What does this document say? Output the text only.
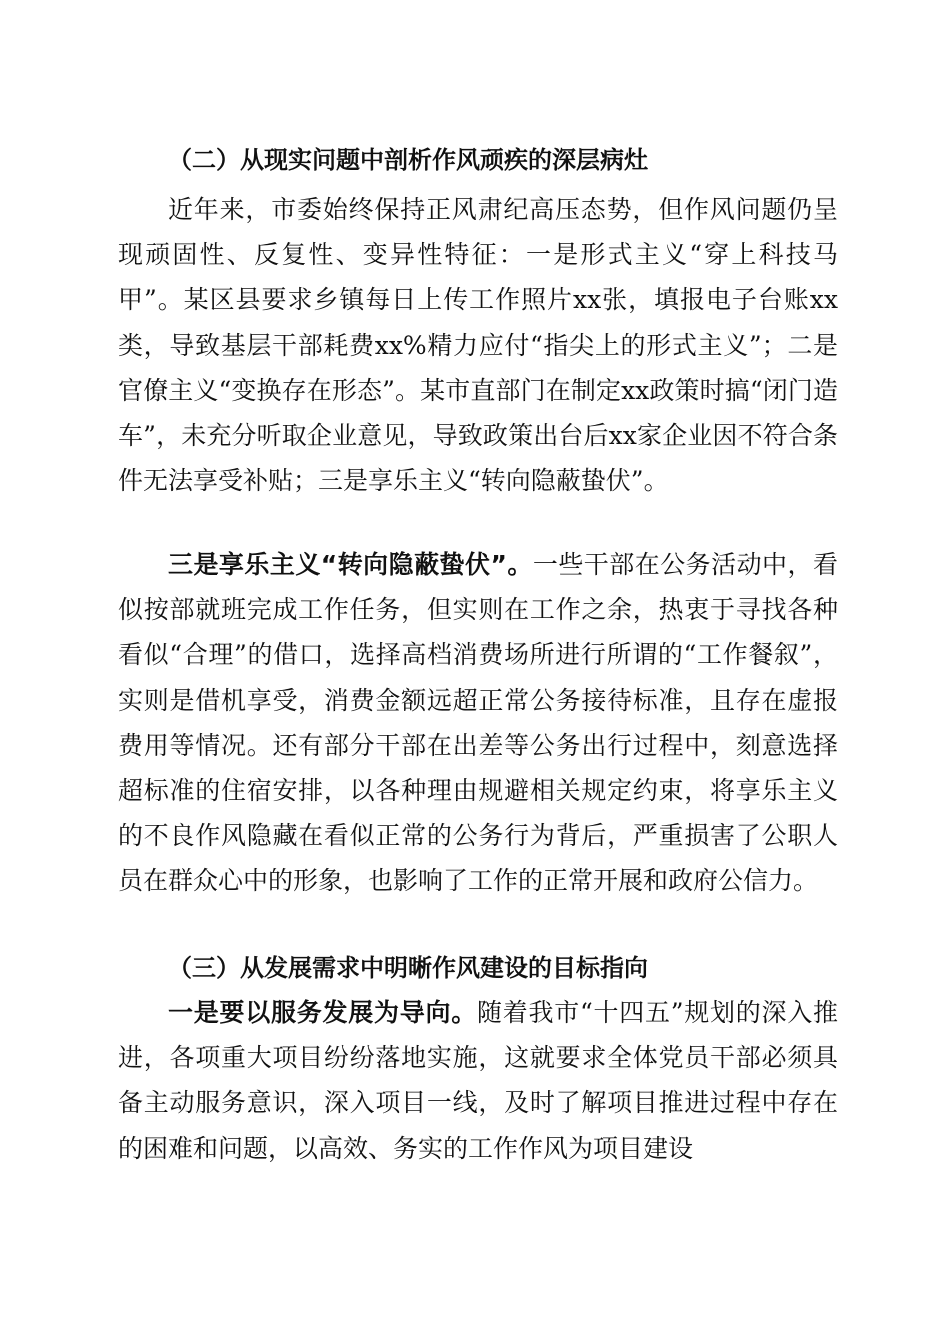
（二）从现实问题中剖析作风顽疾的深层病灶
近年来，市委始终保持正风肃纪高压态势，但作风问题仍呈现顽固性、反复性、变异性特征：一是形式主义“穿上科技马甲”。某区县要求乡镇每日上传工作照片xx张，填报电子台账xx类，导致基层干部耗费xx%精力应付“指尖上的形式主义”；二是官僚主义“变换存在形态”。某市直部门在制定xx政策时搞“闭门造车”，未充分听取企业意见，导致政策出台后xx家企业因不符合条件无法享受补贴；三是享乐主义“转向隐蔽蛰伏”。
三是享乐主义“转向隐蔽蛰伏”。一些干部在公务活动中，看似按部就班完成工作任务，但实则在工作之余，热衷于寻找各种看似“合理”的借口，选择高档消费场所进行所谓的“工作餐叙”，实则是借机享受，消费金额远超正常公务接待标准，且存在虚报费用等情况。还有部分干部在出差等公务出行过程中，刻意选择超标准的住宿安排，以各种理由规避相关规定约束，将享乐主义的不良作风隐藏在看似正常的公务行为背后，严重损害了公职人员在群众心中的形象，也影响了工作的正常开展和政府公信力。
（三）从发展需求中明晰作风建设的目标指向
一是要以服务发展为导向。随着我市“十四五”规划的深入推进，各项重大项目纷纷落地实施，这就要求全体党员干部必须具备主动服务意识，深入项目一线，及时了解项目推进过程中存在的困难和问题，以高效、务实的工作作风为项目建设
